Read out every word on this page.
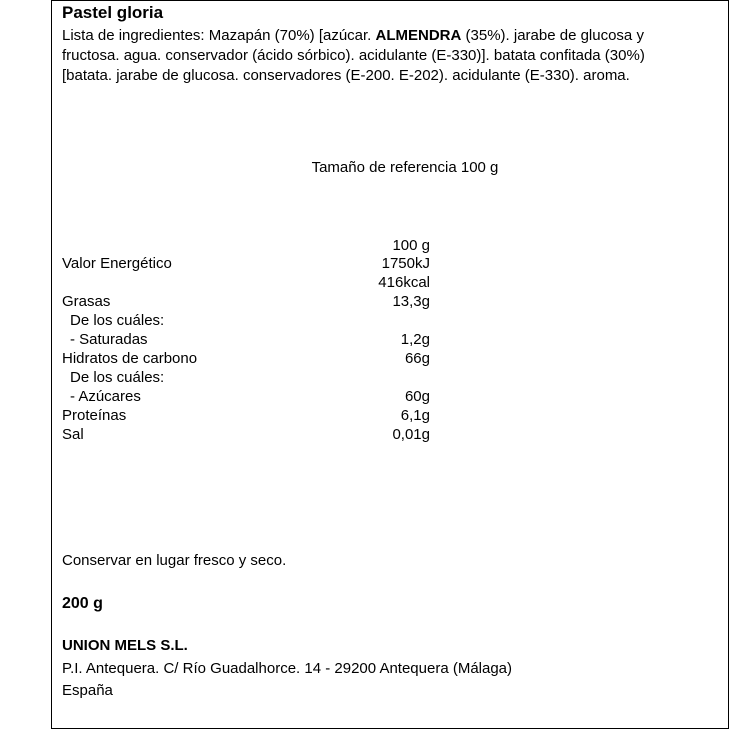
Pastel gloria
Lista de ingredientes: Mazapán (70%) [azúcar. ALMENDRA (35%). jarabe de glucosa y fructosa. agua. conservador (ácido sórbico). acidulante (E-330)]. batata confitada (30%) [batata. jarabe de glucosa. conservadores (E-200. E-202). acidulante (E-330). aroma.
Tamaño de referencia 100 g
100 g
Valor Energético	1750kJ
416kcal
Grasas	13,3g
De los cuáles:
- Saturadas	1,2g
Hidratos de carbono	66g
De los cuáles:
- Azúcares	60g
Proteínas	6,1g
Sal	0,01g
Conservar en lugar fresco y seco.
200 g
UNION MELS S.L.
P.I. Antequera. C/ Río Guadalhorce. 14 - 29200 Antequera (Málaga)
España
